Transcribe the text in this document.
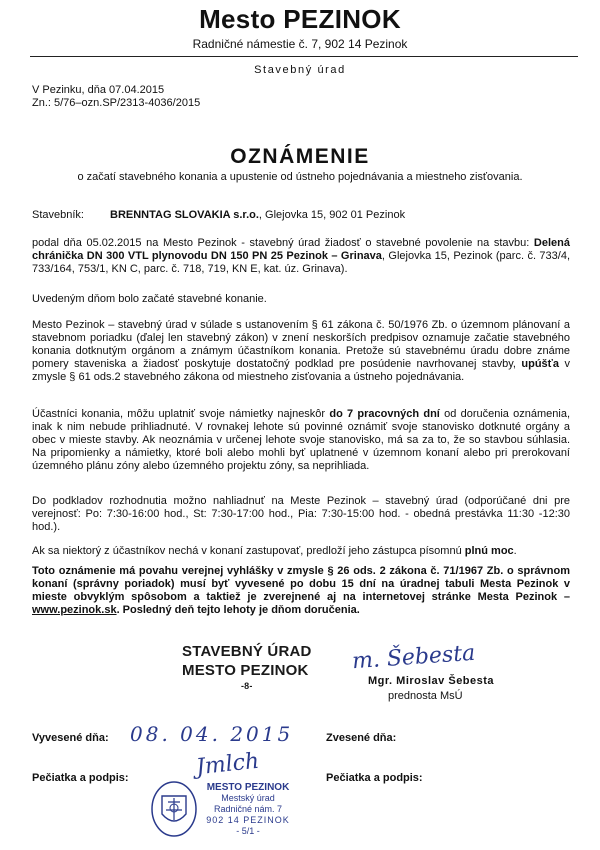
Mesto PEZINOK
Radničné námestie č. 7, 902 14 Pezinok
Stavebný úrad
V Pezinku, dňa 07.04.2015
Zn.: 5/76–ozn.SP/2313-4036/2015
OZNÁMENIE
o začatí stavebného konania a upustenie od ústneho pojednávania a miestneho zisťovania.
Stavebník: BRENNTAG SLOVAKIA s.r.o., Glejovka 15, 902 01 Pezinok

podal dňa 05.02.2015 na Mesto Pezinok - stavebný úrad žiadosť o stavebné povolenie na stavbu: Delená chránička DN 300 VTL plynovodu DN 150 PN 25 Pezinok – Grinava, Glejovka 15, Pezinok (parc. č. 733/4, 733/164, 753/1, KN C, parc. č. 718, 719, KN E, kat. úz. Grinava).

Uvedeným dňom bolo začaté stavebné konanie.

Mesto Pezinok – stavebný úrad v súlade s ustanovením § 61 zákona č. 50/1976 Zb. o územnom plánovaní a stavebnom poriadku (ďalej len stavebný zákon) v znení neskorších predpisov oznamuje začatie stavebného konania dotknutým orgánom a známym účastníkom konania. Pretože sú stavebnému úradu dobre známe pomery staveniska a žiadosť poskytuje dostatočný podklad pre posúdenie navrhovanej stavby, upúšťa v zmysle § 61 ods.2 stavebného zákona od miestneho zisťovania a ústneho pojednávania.

Účastníci konania, môžu uplatniť svoje námietky najneskôr do 7 pracovných dní od doručenia oznámenia, inak k nim nebude prihliadnuté. V rovnakej lehote sú povinné oznámiť svoje stanovisko dotknuté orgány a obec v mieste stavby. Ak neoznámia v určenej lehote svoje stanovisko, má sa za to, že so stavbou súhlasia. Na pripomienky a námietky, ktoré boli alebo mohli byť uplatnené v územnom konaní alebo pri prerokovaní územného plánu zóny alebo územného projektu zóny, sa neprihliada.

Do podkladov rozhodnutia možno nahliadnuť na Meste Pezinok – stavebný úrad (odporúčané dni pre verejnosť: Po: 7:30-16:00 hod., St: 7:30-17:00 hod., Pia: 7:30-15:00 hod. - obedná prestávka 11:30 -12:30 hod.).

Ak sa niektorý z účastníkov nechá v konaní zastupovať, predloží jeho zástupca písomnú plnú moc.

Toto oznámenie má povahu verejnej vyhlášky v zmysle § 26 ods. 2 zákona č. 71/1967 Zb. o správnom konaní (správny poriadok) musí byť vyvesené po dobu 15 dní na úradnej tabuli Mesta Pezinok v mieste obvyklým spôsobom a taktiež je zverejnené aj na internetovej stránke Mesta Pezinok – www.pezinok.sk. Posledný deň tejto lehoty je dňom doručenia.

STAVEBNÝ ÚRAD
MESTO PEZINOK
-8-
m. Šebesta
Mgr. Miroslav Šebesta
prednosta MsÚ
Vyvesené dňa: 08. 04. 2015	Zvesené dňa:
Pečiatka a podpis:	Pečiatka a podpis:
Jmlch
MESTO PEZINOK
Mestský úrad
Radničné nám. 7
902 14 PEZINOK
- 5/1 -
